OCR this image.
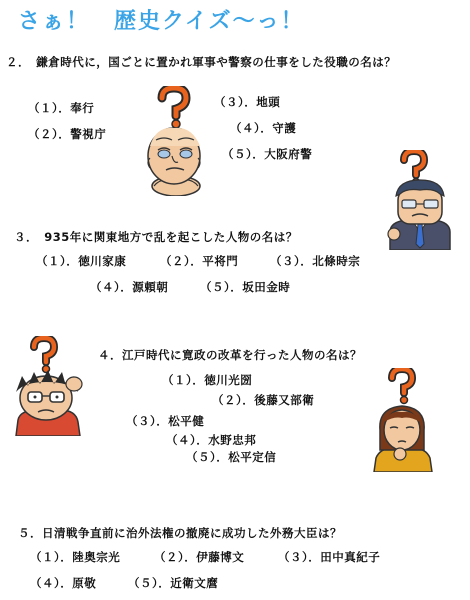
さぁ！　歴史クイズ～っ！
２．　鎌倉時代に，国ごとに置かれ軍事や警察の仕事をした役職の名は？
（１）．奉行
（２）．警視庁
（３）．地頭
（４）．守護
（５）．大阪府警
３．　935年に関東地方で乱を起こした人物の名は？
（１）．徳川家康	（２）．平将門	（３）．北條時宗
（４）．源頼朝	（５）．坂田金時
４．江戸時代に寛政の改革を行った人物の名は？
（１）．徳川光圀
（２）．後藤又部衛
（３）．松平健
（４）．水野忠邦
（５）．松平定信
５．日清戦争直前に治外法権の撤廃に成功した外務大臣は？
（１）．陸奥宗光	（２）．伊藤博文	（３）．田中真紀子
（４）．原敬	（５）．近衛文麿
